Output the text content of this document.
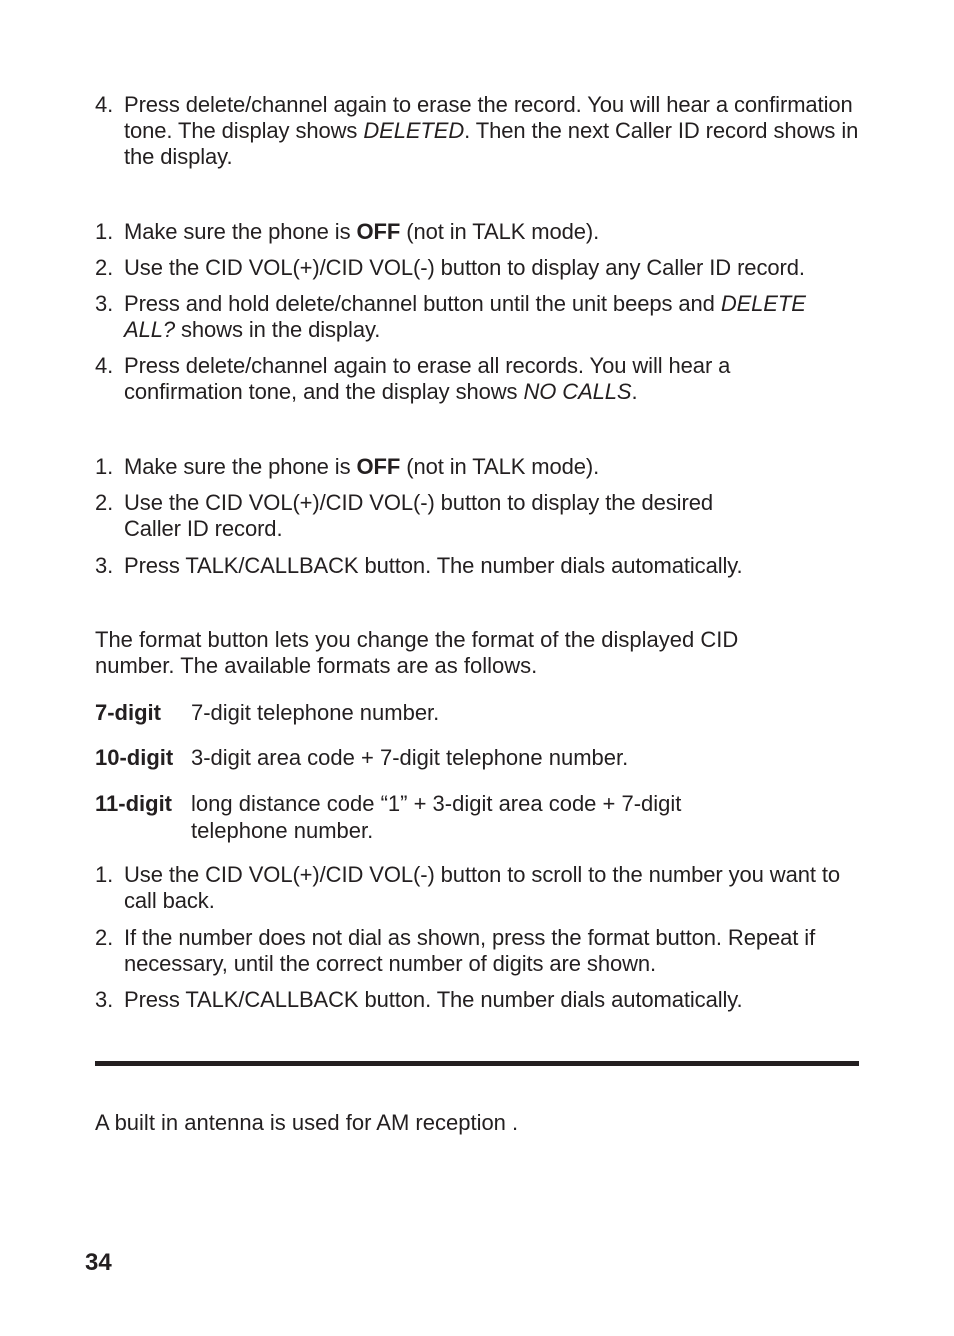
4. Press delete/channel again to erase the record. You will hear a confirmation tone. The display shows DELETED. Then the next Caller ID record shows in the display.
1. Make sure the phone is OFF (not in TALK mode).
2. Use the CID VOL(+)/CID VOL(-) button to display any Caller ID record.
3. Press and hold delete/channel button until the unit beeps and DELETE ALL? shows in the display.
4. Press delete/channel again to erase all records. You will hear a confirmation tone, and the display shows NO CALLS.
1. Make sure the phone is OFF (not in TALK mode).
2. Use the CID VOL(+)/CID VOL(-) button to display the desired Caller ID record.
3. Press TALK/CALLBACK button. The number dials automatically.
The format button lets you change the format of the displayed CID number. The available formats are as follows.
7-digit 7-digit telephone number.
10-digit 3-digit area code + 7-digit telephone number.
11-digit long distance code “1” + 3-digit area code + 7-digit telephone number.
1. Use the CID VOL(+)/CID VOL(-) button to scroll to the number you want to call back.
2. If the number does not dial as shown, press the format button. Repeat if necessary, until the correct number of digits are shown.
3. Press TALK/CALLBACK button. The number dials automatically.
A built in antenna is used for AM reception .
34
